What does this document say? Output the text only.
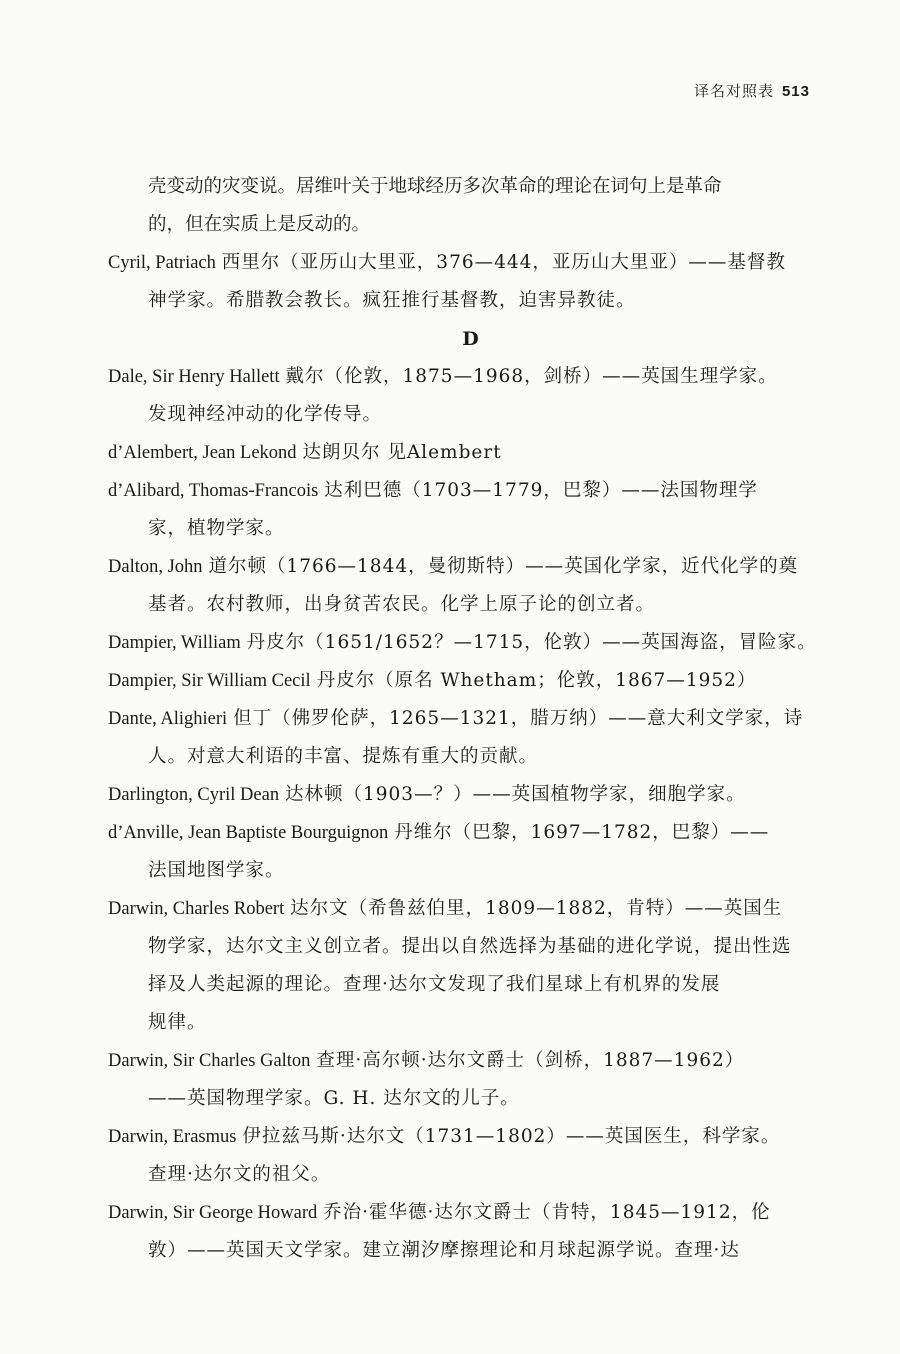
译名对照表 513
壳变动的灾变说。居维叶关于地球经历多次革命的理论在词句上是革命
的，但在实质上是反动的。
Cyril, Patriach 西里尔（亚历山大里亚，376—444，亚历山大里亚）——基督教
神学家。希腊教会教长。疯狂推行基督教，迫害异教徒。
D
Dale, Sir Henry Hallett 戴尔（伦敦，1875—1968，剑桥）——英国生理学家。
发现神经冲动的化学传导。
d’Alembert, Jean Lekond 达朗贝尔 见Alembert
d’Alibard, Thomas-Francois 达利巴德（1703—1779，巴黎）——法国物理学
家，植物学家。
Dalton, John 道尔顿（1766—1844，曼彻斯特）——英国化学家，近代化学的奠
基者。农村教师，出身贫苦农民。化学上原子论的创立者。
Dampier, William 丹皮尔（1651/1652？—1715，伦敦）——英国海盗，冒险家。
Dampier, Sir William Cecil 丹皮尔（原名 Whetham；伦敦，1867—1952）
Dante, Alighieri 但丁（佛罗伦萨，1265—1321，腊万纳）——意大利文学家，诗
人。对意大利语的丰富、提炼有重大的贡献。
Darlington, Cyril Dean 达林顿（1903—？）——英国植物学家，细胞学家。
d’Anville, Jean Baptiste Bourguignon 丹维尔（巴黎，1697—1782，巴黎）——
法国地图学家。
Darwin, Charles Robert 达尔文（希鲁兹伯里，1809—1882，肯特）——英国生
物学家，达尔文主义创立者。提出以自然选择为基础的进化学说，提出性选
择及人类起源的理论。查理·达尔文发现了我们星球上有机界的发展
规律。
Darwin, Sir Charles Galton 查理·高尔顿·达尔文爵士（剑桥，1887—1962）
——英国物理学家。G. H. 达尔文的儿子。
Darwin, Erasmus 伊拉兹马斯·达尔文（1731—1802）——英国医生，科学家。
查理·达尔文的祖父。
Darwin, Sir George Howard 乔治·霍华德·达尔文爵士（肯特，1845—1912，伦
敦）——英国天文学家。建立潮汐摩擦理论和月球起源学说。查理·达
